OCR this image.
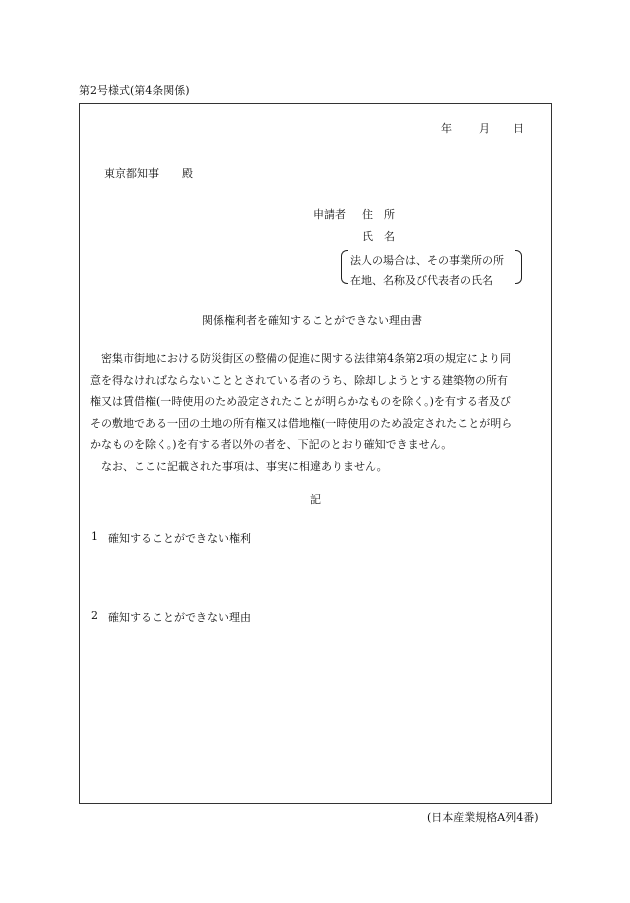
第2号様式(第4条関係)
年 月 日
東京都知事 殿
申請者 住　所
氏　名
法人の場合は、その事業所の所
在地、名称及び代表者の氏名
関係権利者を確知することができない理由書

　密集市街地における防災街区の整備の促進に関する法律第4条第2項の規定により同

意を得なければならないこととされている者のうち、除却しようとする建築物の所有

権又は賃借権(一時使用のため設定されたことが明らかなものを除く。)を有する者及び

その敷地である一団の土地の所有権又は借地権(一時使用のため設定されたことが明ら

かなものを除く。)を有する者以外の者を、下記のとおり確知できません。

　なお、ここに記載された事項は、事実に相違ありません。

記
1 確知することができない権利
2 確知することができない理由
(日本産業規格A列4番)
